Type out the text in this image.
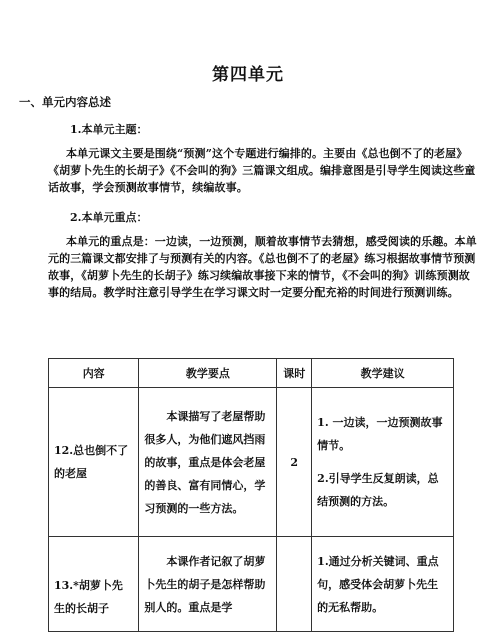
第四单元
一、单元内容总述
1.本单元主题：
本单元课文主要是围绕“预测”这个专题进行编排的。主要由《总也倒不了的老屋》《胡萝卜先生的长胡子》《不会叫的狗》三篇课文组成。编排意图是引导学生阅读这些童话故事，学会预测故事情节，续编故事。
2.本单元重点：
本单元的重点是：一边读，一边预测，顺着故事情节去猜想，感受阅读的乐趣。本单元的三篇课文都安排了与预测有关的内容。《总也倒不了的老屋》练习根据故事情节预测故事，《胡萝卜先生的长胡子》练习续编故事接下来的情节，《不会叫的狗》训练预测故事的结局。教学时注意引导学生在学习课文时一定要分配充裕的时间进行预测训练。
内容	教学要点	课时	教学建议
12.总也倒不了的老屋	本课描写了老屋帮助很多人，为他们遮风挡雨的故事，重点是体会老屋的善良、富有同情心，学习预测的一些方法。	2	1. 一边读，一边预测故事情节。
2.引导学生反复朗读，总结预测的方法。

13.*胡萝卜先生的长胡子	本课作者记叙了胡萝卜先生的胡子是怎样帮助别人的。重点是学		1.通过分析关键词、重点句，感受体会胡萝卜先生的无私帮助。
